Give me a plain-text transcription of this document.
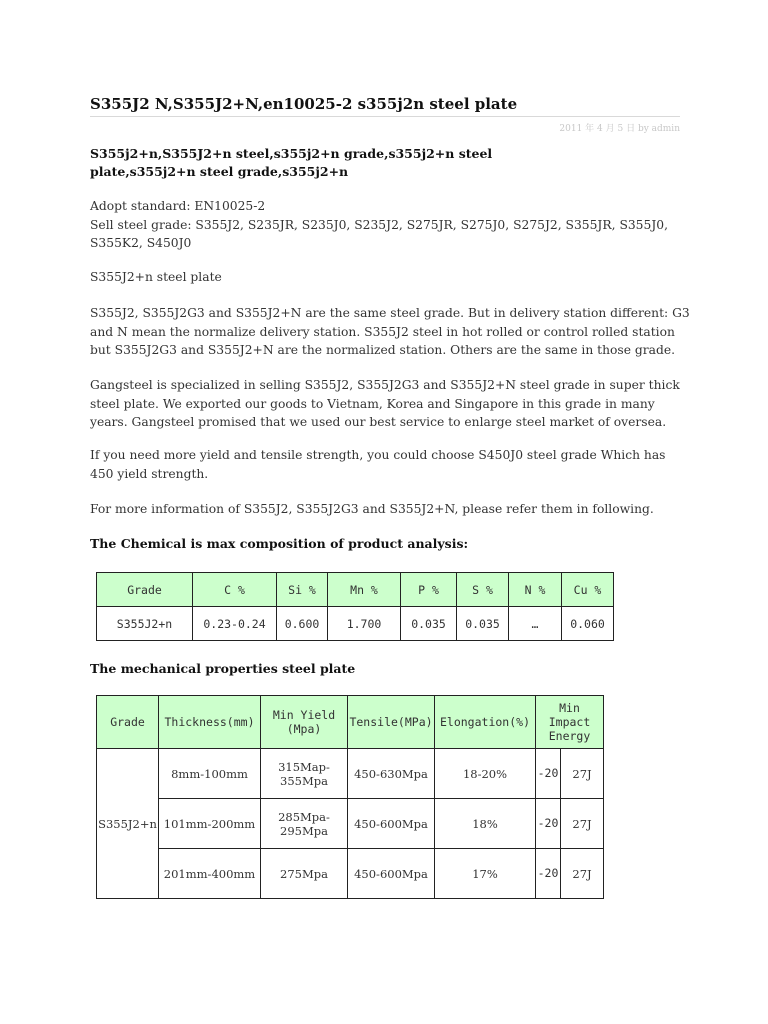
S355J2 N,S355J2+N,en10025-2 s355j2n steel plate
2011 年 4 月 5 日 by admin
S355j2+n,S355J2+n steel,s355j2+n grade,s355j2+n steel plate,s355j2+n steel grade,s355j2+n
Adopt standard: EN10025-2
Sell steel grade: S355J2, S235JR, S235J0, S235J2, S275JR, S275J0, S275J2, S355JR, S355J0, S355K2, S450J0
S355J2+n steel plate
S355J2, S355J2G3 and S355J2+N are the same steel grade. But in delivery station different: G3 and N mean the normalize delivery station. S355J2 steel in hot rolled or control rolled station but S355J2G3 and S355J2+N are the normalized station. Others are the same in those grade.
Gangsteel is specialized in selling S355J2, S355J2G3 and S355J2+N steel grade in super thick steel plate. We exported our goods to Vietnam, Korea and Singapore in this grade in many years. Gangsteel promised that we used our best service to enlarge steel market of oversea.
If you need more yield and tensile strength, you could choose S450J0 steel grade Which has 450 yield strength.
For more information of S355J2, S355J2G3 and S355J2+N, please refer them in following.
The Chemical is max composition of product analysis:
Grade	C %	Si %	Mn %	P %	S %	N %	Cu %
S355J2+n	0.23-0.24	0.600	1.700	0.035	0.035	…	0.060
The mechanical properties steel plate
Grade	Thickness(mm)	Min Yield (Mpa)	Tensile(MPa)	Elongation(%)	Min Impact Energy	
S355J2+n	8mm-100mm	315Map-355Mpa	450-630Mpa	18-20%	-20	27J
	101mm-200mm	285Mpa-295Mpa	450-600Mpa	18%	-20	27J
	201mm-400mm	275Mpa	450-600Mpa	17%	-20	27J
